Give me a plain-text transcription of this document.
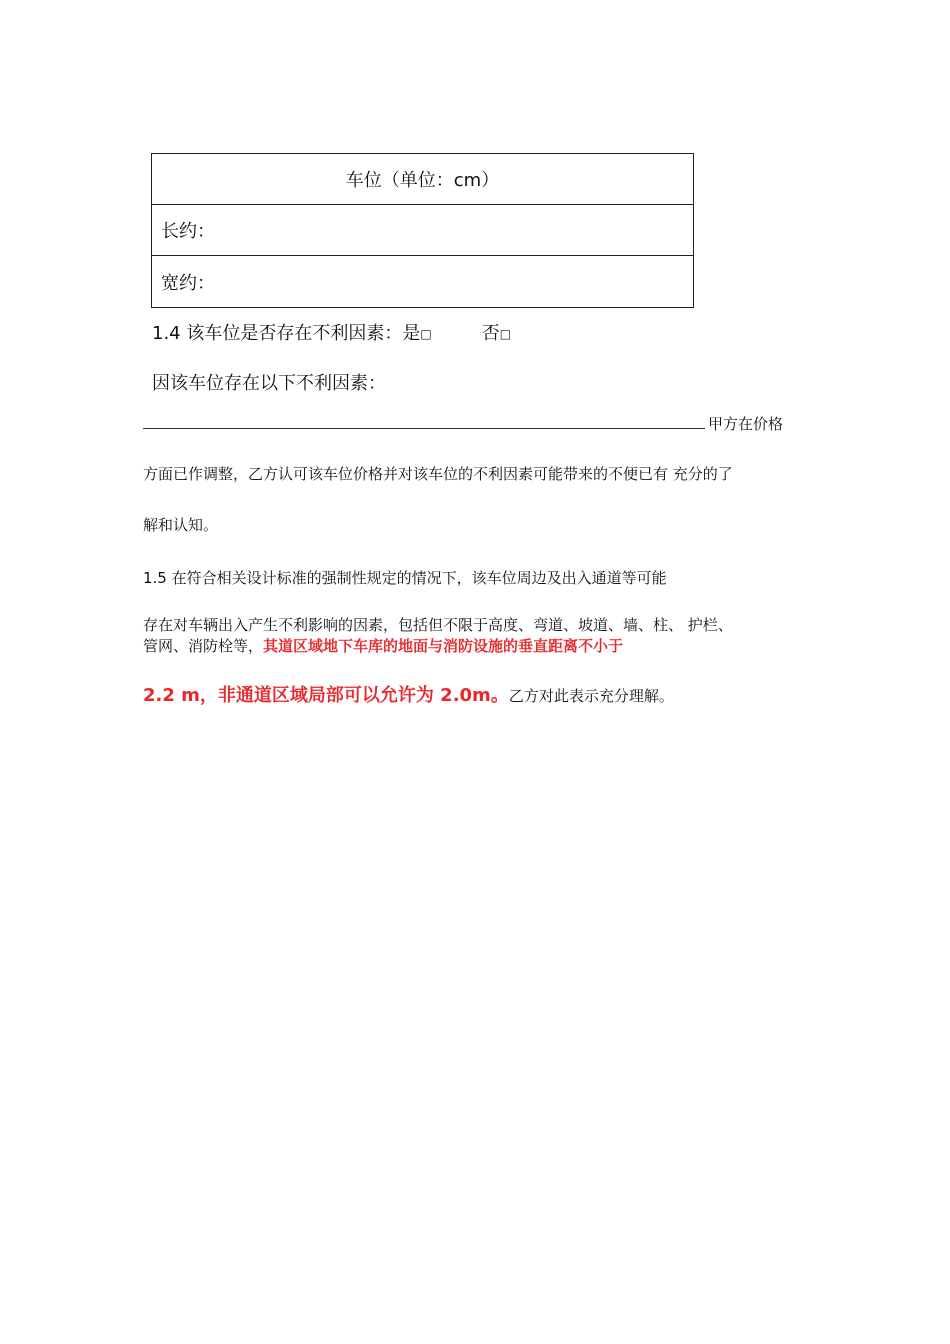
车位（单位：cm）
长约：
宽约：
1.4 该车位是否存在不利因素：是□	否□
因该车位存在以下不利因素：
甲方在价格
方面已作调整，乙方认可该车位价格并对该车位的不利因素可能带来的不便已有 充分的了
解和认知。
1.5 在符合相关设计标准的强制性规定的情况下，该车位周边及出入通道等可能
存在对车辆出入产生不利影响的因素，包括但不限于高度、弯道、坡道、墙、柱、 护栏、
管网、消防栓等，其道区域地下车库的地面与消防设施的垂直距离不小于
2.2 m，非通道区域局部可以允许为 2.0m。乙方对此表示充分理解。
